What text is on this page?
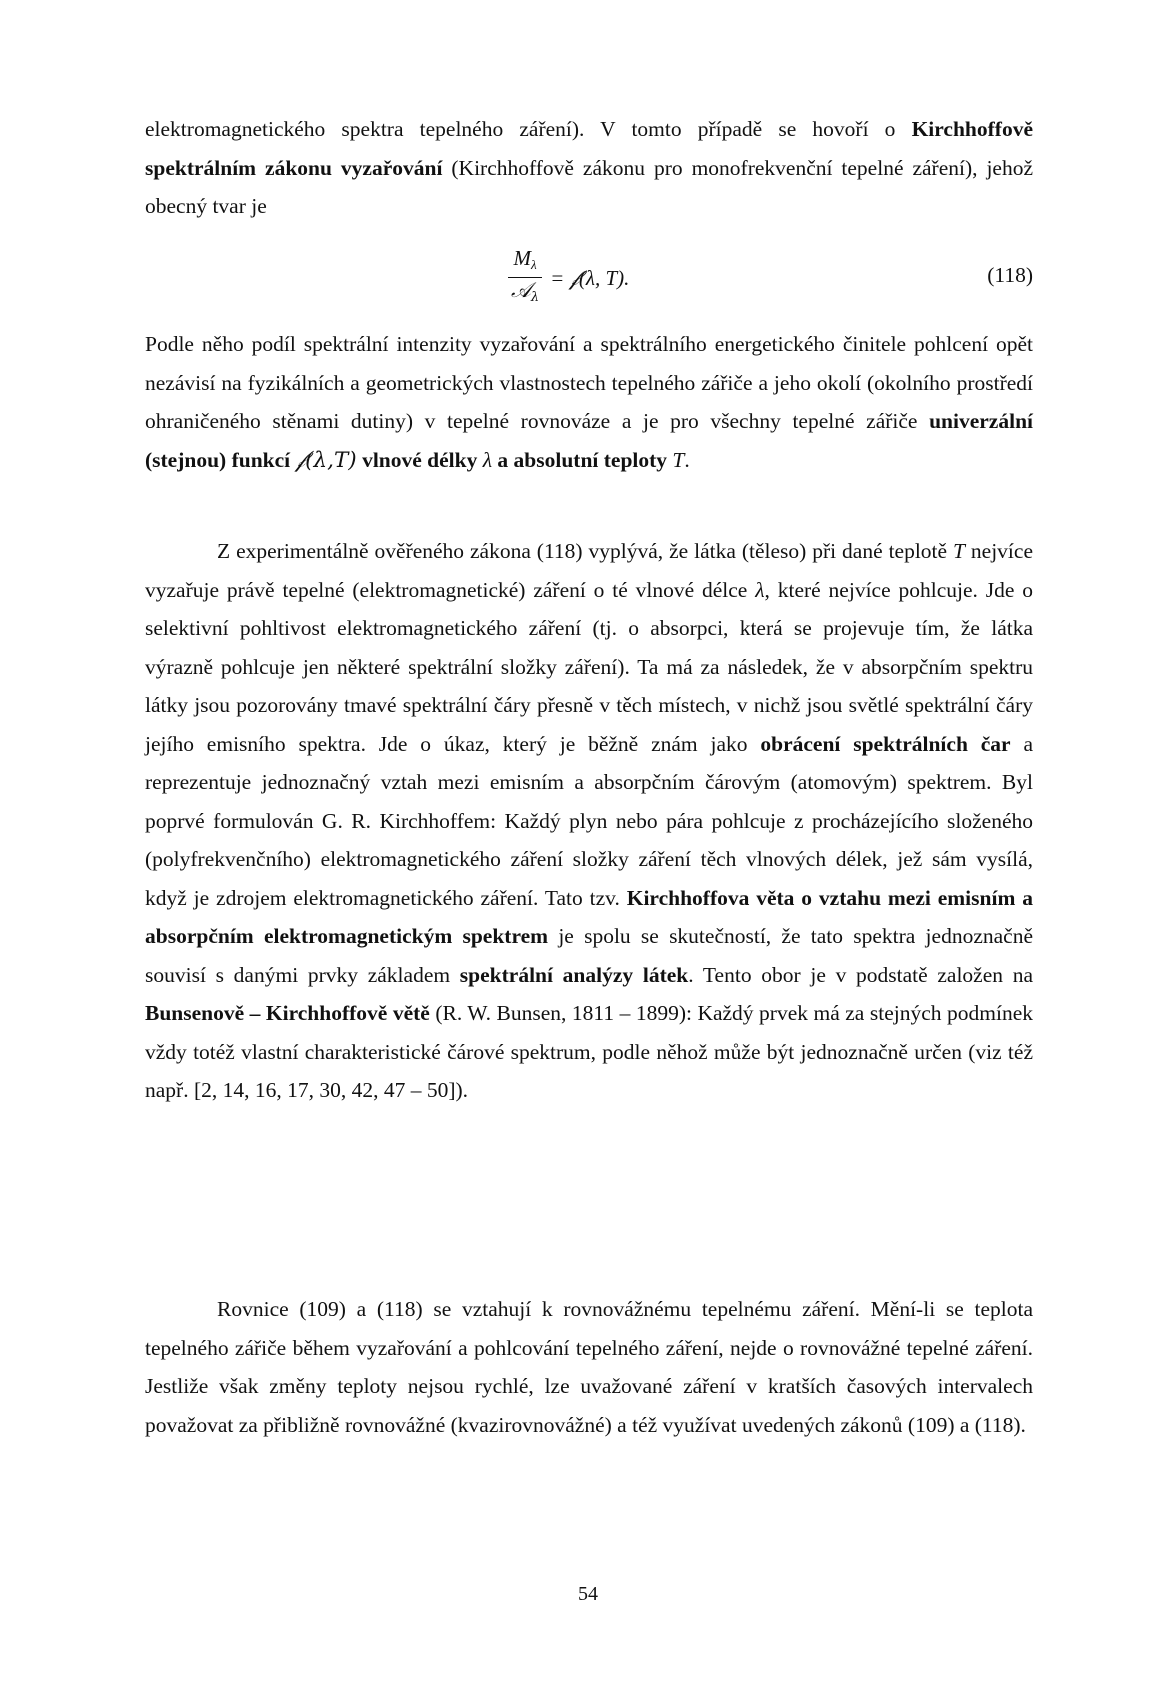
elektromagnetického spektra tepelného záření). V tomto případě se hovoří o Kirchhoffově spektrálním zákonu vyzařování (Kirchhoffově zákonu pro monofrekvenční tepelné záření), jehož obecný tvar je

$\frac{M_\lambda}{𝒜_\lambda}$ = 𝒻(λ, T).	(118)

Podle něho podíl spektrální intenzity vyzařování a spektrálního energetického činitele pohlcení opět nezávisí na fyzikálních a geometrických vlastnostech tepelného zářiče a jeho okolí (okolního prostředí ohraničeného stěnami dutiny) v tepelné rovnováze a je pro všechny tepelné zářiče univerzální (stejnou) funkcí 𝒻(λ,T) vlnové délky λ a absolutní teploty T.

Z experimentálně ověřeného zákona (118) vyplývá, že látka (těleso) při dané teplotě T nejvíce vyzařuje právě tepelné (elektromagnetické) záření o té vlnové délce λ, které nejvíce pohlcuje. Jde o selektivní pohltivost elektromagnetického záření (tj. o absorpci, která se projevuje tím, že látka výrazně pohlcuje jen některé spektrální složky záření). Ta má za následek, že v absorpčním spektru látky jsou pozorovány tmavé spektrální čáry přesně v těch místech, v nichž jsou světlé spektrální čáry jejího emisního spektra. Jde o úkaz, který je běžně znám jako obrácení spektrálních čar a reprezentuje jednoznačný vztah mezi emisním a absorpčním čárovým (atomovým) spektrem. Byl poprvé formulován G. R. Kirchhoffem: Každý plyn nebo pára pohlcuje z procházejícího složeného (polyfrekvenčního) elektromagnetického záření složky záření těch vlnových délek, jež sám vysílá, když je zdrojem elektromagnetického záření. Tato tzv. Kirchhoffova věta o vztahu mezi emisním a absorpčním elektromagnetickým spektrem je spolu se skutečností, že tato spektra jednoznačně souvisí s danými prvky základem spektrální analýzy látek. Tento obor je v podstatě založen na Bunsenově – Kirchhoffově větě (R. W. Bunsen, 1811 – 1899): Každý prvek má za stejných podmínek vždy totéž vlastní charakteristické čárové spektrum, podle něhož může být jednoznačně určen (viz též např. [2, 14, 16, 17, 30, 42, 47 – 50]).

Rovnice (109) a (118) se vztahují k rovnovážnému tepelnému záření. Mění-li se teplota tepelného zářiče během vyzařování a pohlcování tepelného záření, nejde o rovnovážné tepelné záření. Jestliže však změny teploty nejsou rychlé, lze uvažované záření v kratších časových intervalech považovat za přibližně rovnovážné (kvazirovnovážné) a též využívat uvedených zákonů (109) a (118).

54
